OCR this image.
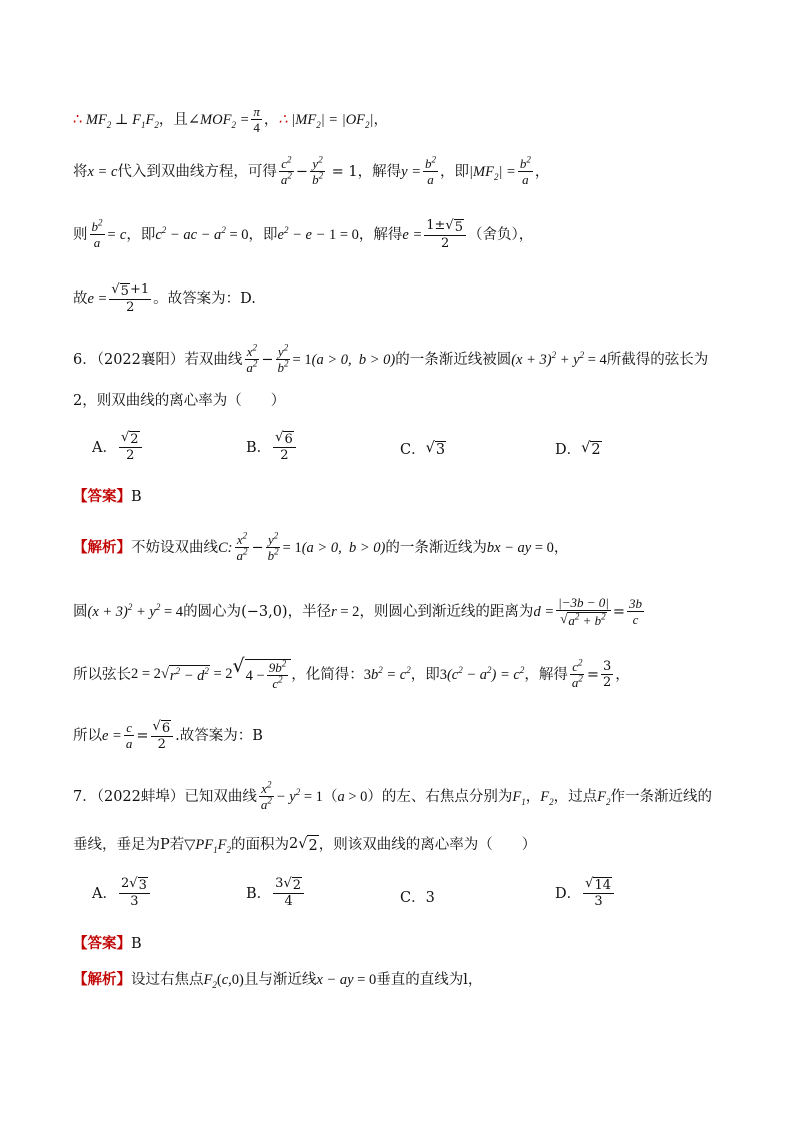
∴ $MF_2$ ⊥ $F_1F_2$ ，且 $\angle MOF_2 = \frac{\pi}{4}$ ， ∴ $|MF_2| = |OF_2|$ ，
将 x = c 代入到双曲线方程，可得 $\frac{c^2}{a^2} - \frac{y^2}{b^2} = 1$ ，解得 $y = \frac{b^2}{a}$ ，即 $|MF_2| = \frac{b^2}{a}$ ，
则 $\frac{b^2}{a} = c$ ，即 $c^2$ − ac − $a^2 = 0$ ，即 $e^2 - e - 1 = 0$ ，解得 $e = \frac{1\pm √ 5}{2}$ （舍负），
故 $e = \frac{√ 5 +1}{2}$ 。故答案为：D.
6．（2022襄阳）若双曲线 $\frac{x^2}{a^2} - \frac{y^2}{b^2} = 1(a > 0$,  b > 0) 的一条渐近线被圆 $(x + 3)^2 + y^2 = 4$ 所截得的弦长为
2，则双曲线的离心率为（　　）
A． $\frac{√ 2}{2}$	B． $\frac{√ 6}{2}$	C． √ 3	D． √ 2
【答案】B
【解析】 不妨设双曲线 C: $\frac{x^2}{a^2} - \frac{y^2}{b^2} = 1(a > 0$,  b > 0) 的一条渐近线为 bx − ay = 0 ，
圆 $(x + 3)^2 + y^2 = 4$ 的圆心为 (−3,0) ，半径 r = 2 ，则圆心到渐近线的距离为 $d = \frac{|-3b - 0|}{√ a^2 + b^2} = \frac{3b}{c}$
所以弦长 2 = 2 √ $r^2 - d^2 = 2$ √ $4 - \frac{9b^2}{c^2}$ ，化简得： $3b^2 = c^2$ ，即 $3(c^2 - a^2) = c^2$ ，解得 $\frac{c^2}{a^2} = \frac{3}{2}$ ，
所以 $e = \frac{c}{a} = \frac{√ 6}{2}$ .故答案为：B
7．（2022蚌埠）已知双曲线 $\frac{x^2}{a^2} - y^2 = 1$ （ a > 0 ）的左、右焦点分别为 $F_1$ ， $F_2$ ，过点 $F_2$ 作一条渐近线的
垂线，垂足为P若 $▽PF_1F_2$ 的面积为 2 √ 2 ，则该双曲线的离心率为（　　）
A． $\frac{2 √ 3}{3}$	B． $\frac{3 √ 2}{4}$	C．3	D． $\frac{√ 14}{3}$
【答案】B
【解析】 设过右焦点 $F_2(c,0)$ 且与渐近线 x − ay = 0 垂直的直线为l，
